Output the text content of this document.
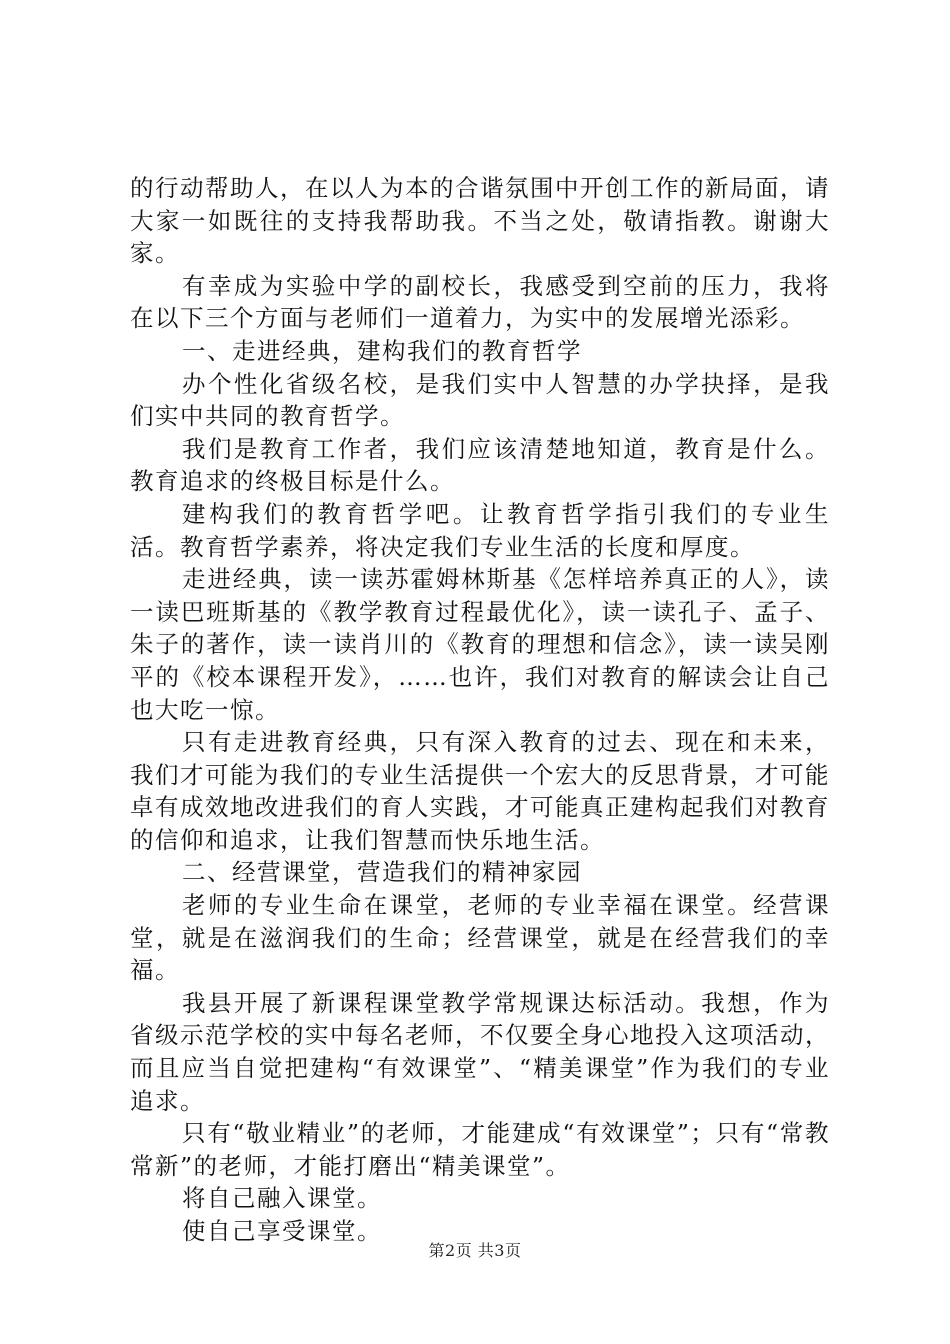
的行动帮助人，在以人为本的合谐氛围中开创工作的新局面，请大家一如既往的支持我帮助我。不当之处，敬请指教。谢谢大家。

有幸成为实验中学的副校长，我感受到空前的压力，我将在以下三个方面与老师们一道着力，为实中的发展增光添彩。

一、走进经典，建构我们的教育哲学

办个性化省级名校，是我们实中人智慧的办学抉择，是我们实中共同的教育哲学。

我们是教育工作者，我们应该清楚地知道，教育是什么。教育追求的终极目标是什么。

建构我们的教育哲学吧。让教育哲学指引我们的专业生活。教育哲学素养，将决定我们专业生活的长度和厚度。

走进经典，读一读苏霍姆林斯基《怎样培养真正的人》，读一读巴班斯基的《教学教育过程最优化》，读一读孔子、孟子、朱子的著作，读一读肖川的《教育的理想和信念》，读一读吴刚平的《校本课程开发》，……也许，我们对教育的解读会让自己也大吃一惊。

只有走进教育经典，只有深入教育的过去、现在和未来，我们才可能为我们的专业生活提供一个宏大的反思背景，才可能卓有成效地改进我们的育人实践，才可能真正建构起我们对教育的信仰和追求，让我们智慧而快乐地生活。

二、经营课堂，营造我们的精神家园

老师的专业生命在课堂，老师的专业幸福在课堂。经营课堂，就是在滋润我们的生命；经营课堂，就是在经营我们的幸福。

我县开展了新课程课堂教学常规课达标活动。我想，作为省级示范学校的实中每名老师，不仅要全身心地投入这项活动，而且应当自觉把建构“有效课堂”、“精美课堂”作为我们的专业追求。

只有“敬业精业”的老师，才能建成“有效课堂”；只有“常教常新”的老师，才能打磨出“精美课堂”。

将自己融入课堂。

使自己享受课堂。

第2页 共3页
